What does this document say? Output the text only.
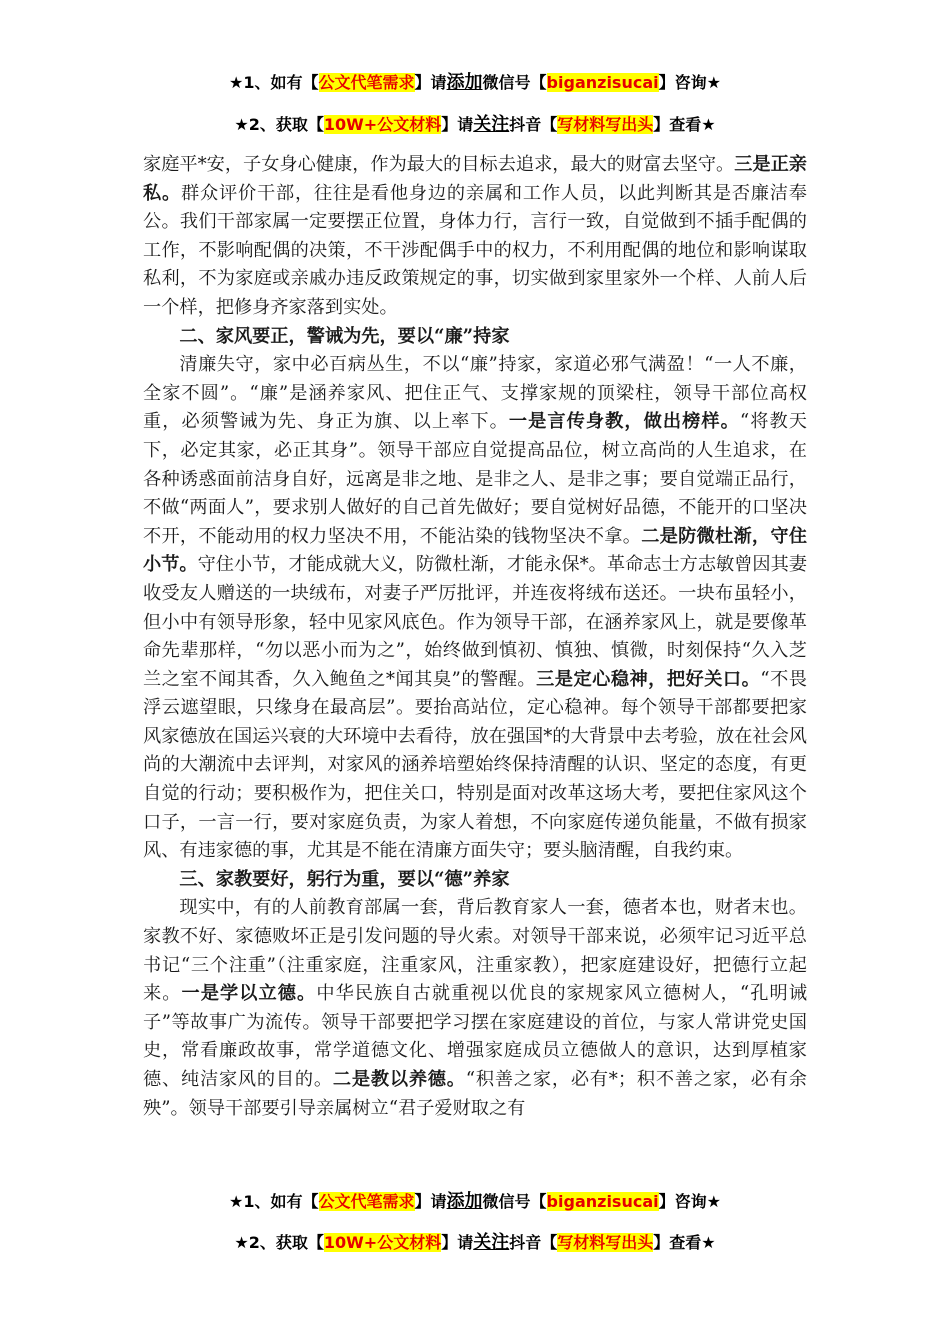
★1、如有【公文代笔需求】请添加微信号【biganzisucai】咨询★
★2、获取【10W+公文材料】请关注抖音【写材料写出头】查看★

家庭平*安，子女身心健康，作为最大的目标去追求，最大的财富去坚守。三是正亲私。群众评价干部，往往是看他身边的亲属和工作人员，以此判断其是否廉洁奉公。我们干部家属一定要摆正位置，身体力行，言行一致，自觉做到不插手配偶的工作，不影响配偶的决策，不干涉配偶手中的权力，不利用配偶的地位和影响谋取私利，不为家庭或亲戚办违反政策规定的事，切实做到家里家外一个样、人前人后一个样，把修身齐家落到实处。

二、家风要正，警诫为先，要以“廉”持家

清廉失守，家中必百病丛生，不以“廉”持家，家道必邪气满盈！“一人不廉，全家不圆”。“廉”是涵养家风、把住正气、支撑家规的顶梁柱，领导干部位高权重，必须警诫为先、身正为旗、以上率下。一是言传身教，做出榜样。“将教天下，必定其家，必正其身”。领导干部应自觉提高品位，树立高尚的人生追求，在各种诱惑面前洁身自好，远离是非之地、是非之人、是非之事；要自觉端正品行，不做“两面人”，要求别人做好的自己首先做好；要自觉树好品德，不能开的口坚决不开，不能动用的权力坚决不用，不能沾染的钱物坚决不拿。二是防微杜渐，守住小节。守住小节，才能成就大义，防微杜渐，才能永保*。革命志士方志敏曾因其妻收受友人赠送的一块绒布，对妻子严厉批评，并连夜将绒布送还。一块布虽轻小，但小中有领导形象，轻中见家风底色。作为领导干部，在涵养家风上，就是要像革命先辈那样，“勿以恶小而为之”，始终做到慎初、慎独、慎微，时刻保持“久入芝兰之室不闻其香，久入鲍鱼之*闻其臭”的警醒。三是定心稳神，把好关口。“不畏浮云遮望眼，只缘身在最高层”。要抬高站位，定心稳神。每个领导干部都要把家风家德放在国运兴衰的大环境中去看待，放在强国*的大背景中去考验，放在社会风尚的大潮流中去评判，对家风的涵养培塑始终保持清醒的认识、坚定的态度，有更自觉的行动；要积极作为，把住关口，特别是面对改革这场大考，要把住家风这个口子，一言一行，要对家庭负责，为家人着想，不向家庭传递负能量，不做有损家风、有违家德的事，尤其是不能在清廉方面失守；要头脑清醒，自我约束。

三、家教要好，躬行为重，要以“德”养家

现实中，有的人前教育部属一套，背后教育家人一套，德者本也，财者末也。家教不好、家德败坏正是引发问题的导火索。对领导干部来说，必须牢记习近平总书记“三个注重”（注重家庭，注重家风，注重家教），把家庭建设好，把德行立起来。一是学以立德。中华民族自古就重视以优良的家规家风立德树人，“孔明诫子”等故事广为流传。领导干部要把学习摆在家庭建设的首位，与家人常讲党史国史，常看廉政故事，常学道德文化、增强家庭成员立德做人的意识，达到厚植家德、纯洁家风的目的。二是教以养德。“积善之家，必有*；积不善之家，必有余殃”。领导干部要引导亲属树立“君子爱财取之有

★1、如有【公文代笔需求】请添加微信号【biganzisucai】咨询★
★2、获取【10W+公文材料】请关注抖音【写材料写出头】查看★
